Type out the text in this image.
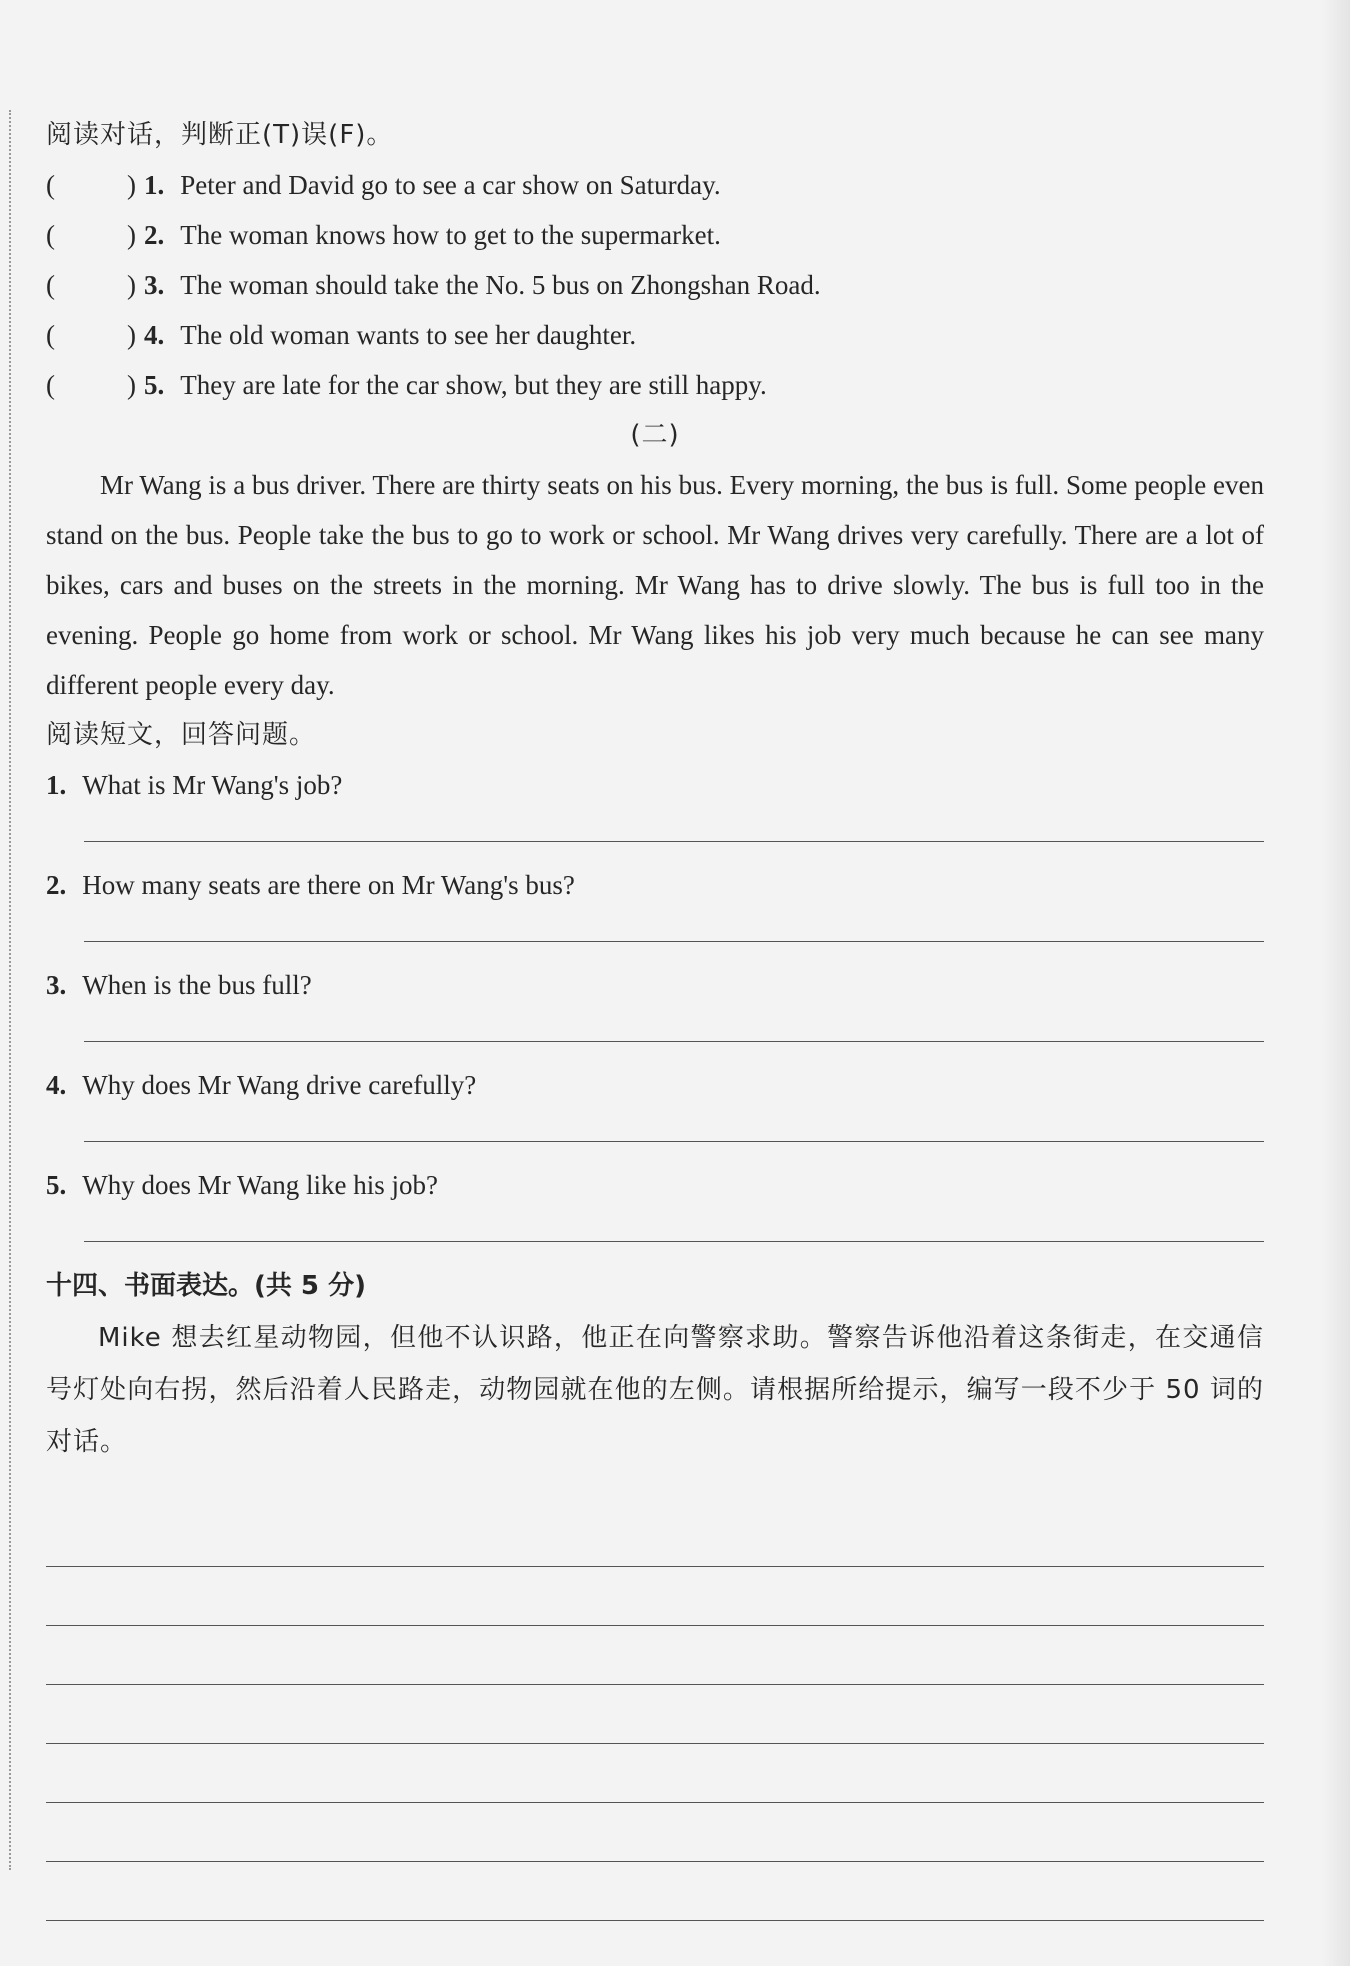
阅读对话，判断正(T)误(F)。
(	) 1. Peter and David go to see a car show on Saturday.
(	) 2. The woman knows how to get to the supermarket.
(	) 3. The woman should take the No. 5 bus on Zhongshan Road.
(	) 4. The old woman wants to see her daughter.
(	) 5. They are late for the car show, but they are still happy.
(二)
Mr Wang is a bus driver. There are thirty seats on his bus. Every morning, the bus is full. Some people even stand on the bus. People take the bus to go to work or school. Mr Wang drives very carefully. There are a lot of bikes, cars and buses on the streets in the morning. Mr Wang has to drive slowly. The bus is full too in the evening. People go home from work or school. Mr Wang likes his job very much because he can see many different people every day.
阅读短文，回答问题。
1. What is Mr Wang's job?
2. How many seats are there on Mr Wang's bus?
3. When is the bus full?
4. Why does Mr Wang drive carefully?
5. Why does Mr Wang like his job?
十四、书面表达。(共 5 分)
Mike 想去红星动物园，但他不认识路，他正在向警察求助。警察告诉他沿着这条街走，在交通信号灯处向右拐，然后沿着人民路走，动物园就在他的左侧。请根据所给提示，编写一段不少于 50 词的对话。
